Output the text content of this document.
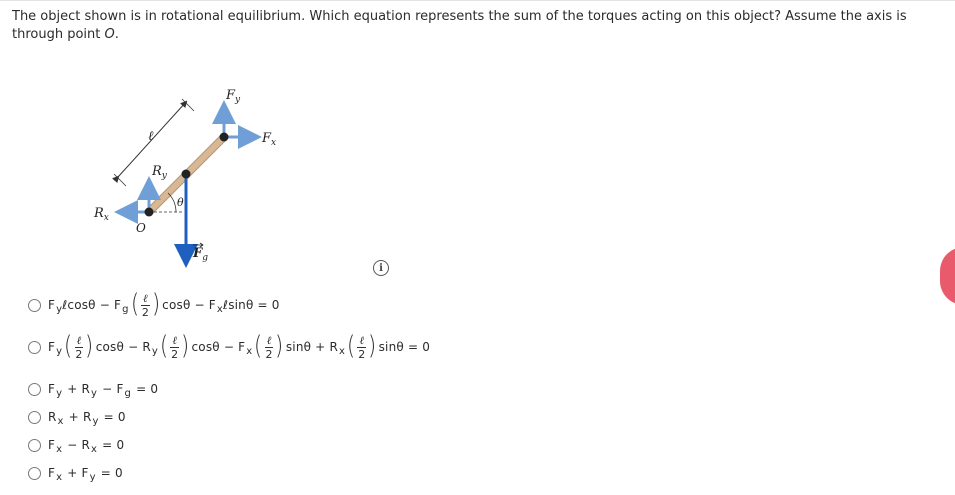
The object shown is in rotational equilibrium. Which equation represents the sum of the torques acting on this object? Assume the axis is through point O.
ℓ
θ
$R_x$
$R_y$
O
$F_y$
$F_x$
$F_g$
i
$F_y$ ℓcosθ − $F_g$ ( $\frac{\text{ℓ}}{2}$ ) $\cos\theta - F_x$ ℓsinθ = 0
$F_y$ ( $\frac{\text{ℓ}}{2}$ ) $\cos\theta - R_y$ ( $\frac{\text{ℓ}}{2}$ ) $\cos\theta - F_x$ ( $\frac{\text{ℓ}}{2}$ ) $\sin\theta + R_x$ ( $\frac{\text{ℓ}}{2}$ ) sinθ = 0
$F_y + R_y - F_g = 0$
$R_x + R_y = 0$
$F_x - R_x = 0$
$F_x + F_y = 0$
